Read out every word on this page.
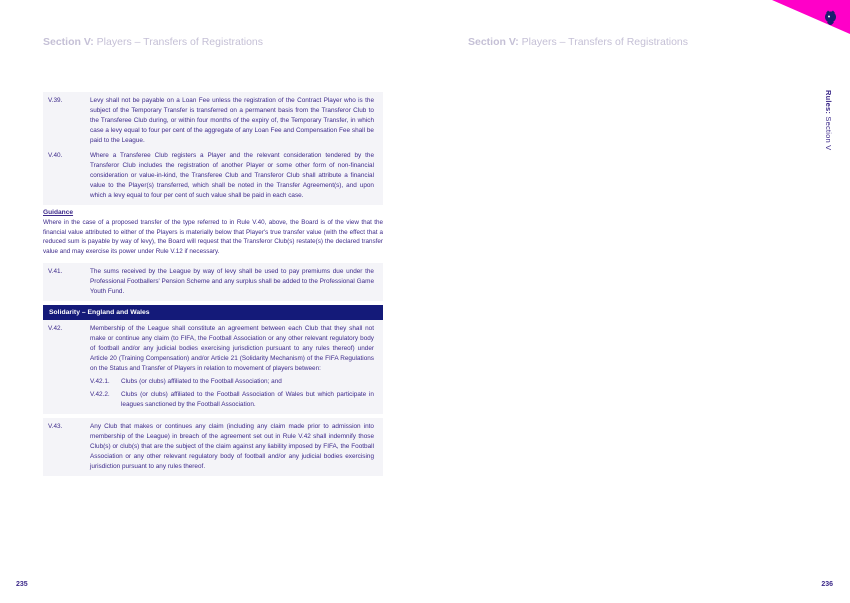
Section V: Players – Transfers of Registrations
V.39.	Levy shall not be payable on a Loan Fee unless the registration of the Contract Player who is the subject of the Temporary Transfer is transferred on a permanent basis from the Transferor Club to the Transferee Club during, or within four months of the expiry of, the Temporary Transfer, in which case a levy equal to four per cent of the aggregate of any Loan Fee and Compensation Fee shall be paid to the League.
V.40.	Where a Transferee Club registers a Player and the relevant consideration tendered by the Transferor Club includes the registration of another Player or some other form of non-financial consideration or value-in-kind, the Transferee Club and Transferor Club shall attribute a financial value to the Player(s) transferred, which shall be noted in the Transfer Agreement(s), and upon which a levy equal to four per cent of such value shall be paid in each case.
Guidance
Where in the case of a proposed transfer of the type referred to in Rule V.40, above, the Board is of the view that the financial value attributed to either of the Players is materially below that Player's true transfer value (with the effect that a reduced sum is payable by way of levy), the Board will request that the Transferor Club(s) restate(s) the declared transfer value and may exercise its power under Rule V.12 if necessary.
V.41.	The sums received by the League by way of levy shall be used to pay premiums due under the Professional Footballers' Pension Scheme and any surplus shall be added to the Professional Game Youth Fund.
Solidarity – England and Wales
V.42.	Membership of the League shall constitute an agreement between each Club that they shall not make or continue any claim (to FIFA, the Football Association or any other relevant regulatory body of football and/or any judicial bodies exercising jurisdiction pursuant to any rules thereof) under Article 20 (Training Compensation) and/or Article 21 (Solidarity Mechanism) of the FIFA Regulations on the Status and Transfer of Players in relation to movement of players between:
V.42.1.	Clubs (or clubs) affiliated to the Football Association; and
V.42.2.	Clubs (or clubs) affiliated to the Football Association of Wales but which participate in leagues sanctioned by the Football Association.
V.43.	Any Club that makes or continues any claim (including any claim made prior to admission into membership of the League) in breach of the agreement set out in Rule V.42 shall indemnify those Club(s) or club(s) that are the subject of the claim against any liability imposed by FIFA, the Football Association or any other relevant regulatory body of football and/or any judicial bodies exercising jurisdiction pursuant to any rules thereof.
235
Section V: Players – Transfers of Registrations
Rules: Section V
236
